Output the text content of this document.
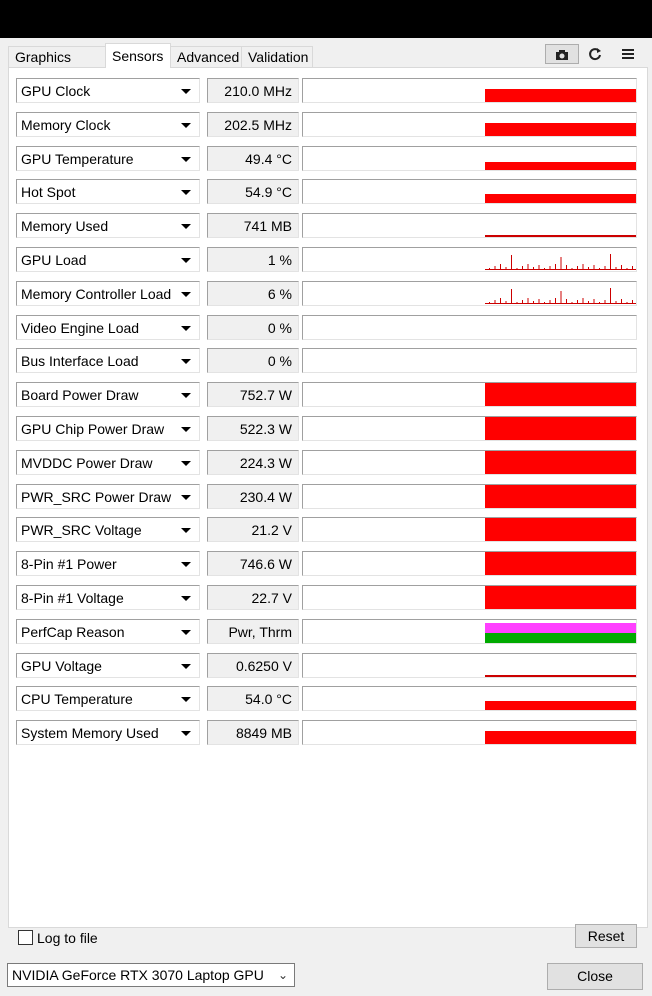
Graphics	Sensors Advanced Validation
GPU Clock	210.0 MHz
Memory Clock	202.5 MHz
GPU Temperature	49.4 °C
Hot Spot	54.9 °C
Memory Used	741 MB
GPU Load	1 %
Memory Controller Load	6 %
Video Engine Load	0 %
Bus Interface Load	0 %
Board Power Draw	752.7 W
GPU Chip Power Draw	522.3 W
MVDDC Power Draw	224.3 W
PWR_SRC Power Draw	230.4 W
PWR_SRC Voltage	21.2 V
8-Pin #1 Power	746.6 W
8-Pin #1 Voltage	22.7 V
PerfCap Reason	Pwr, Thrm
GPU Voltage	0.6250 V
CPU Temperature	54.0 °C
System Memory Used	8849 MB
Log to file	Reset
NVIDIA GeForce RTX 3070 Laptop GPU ⌄	Close
